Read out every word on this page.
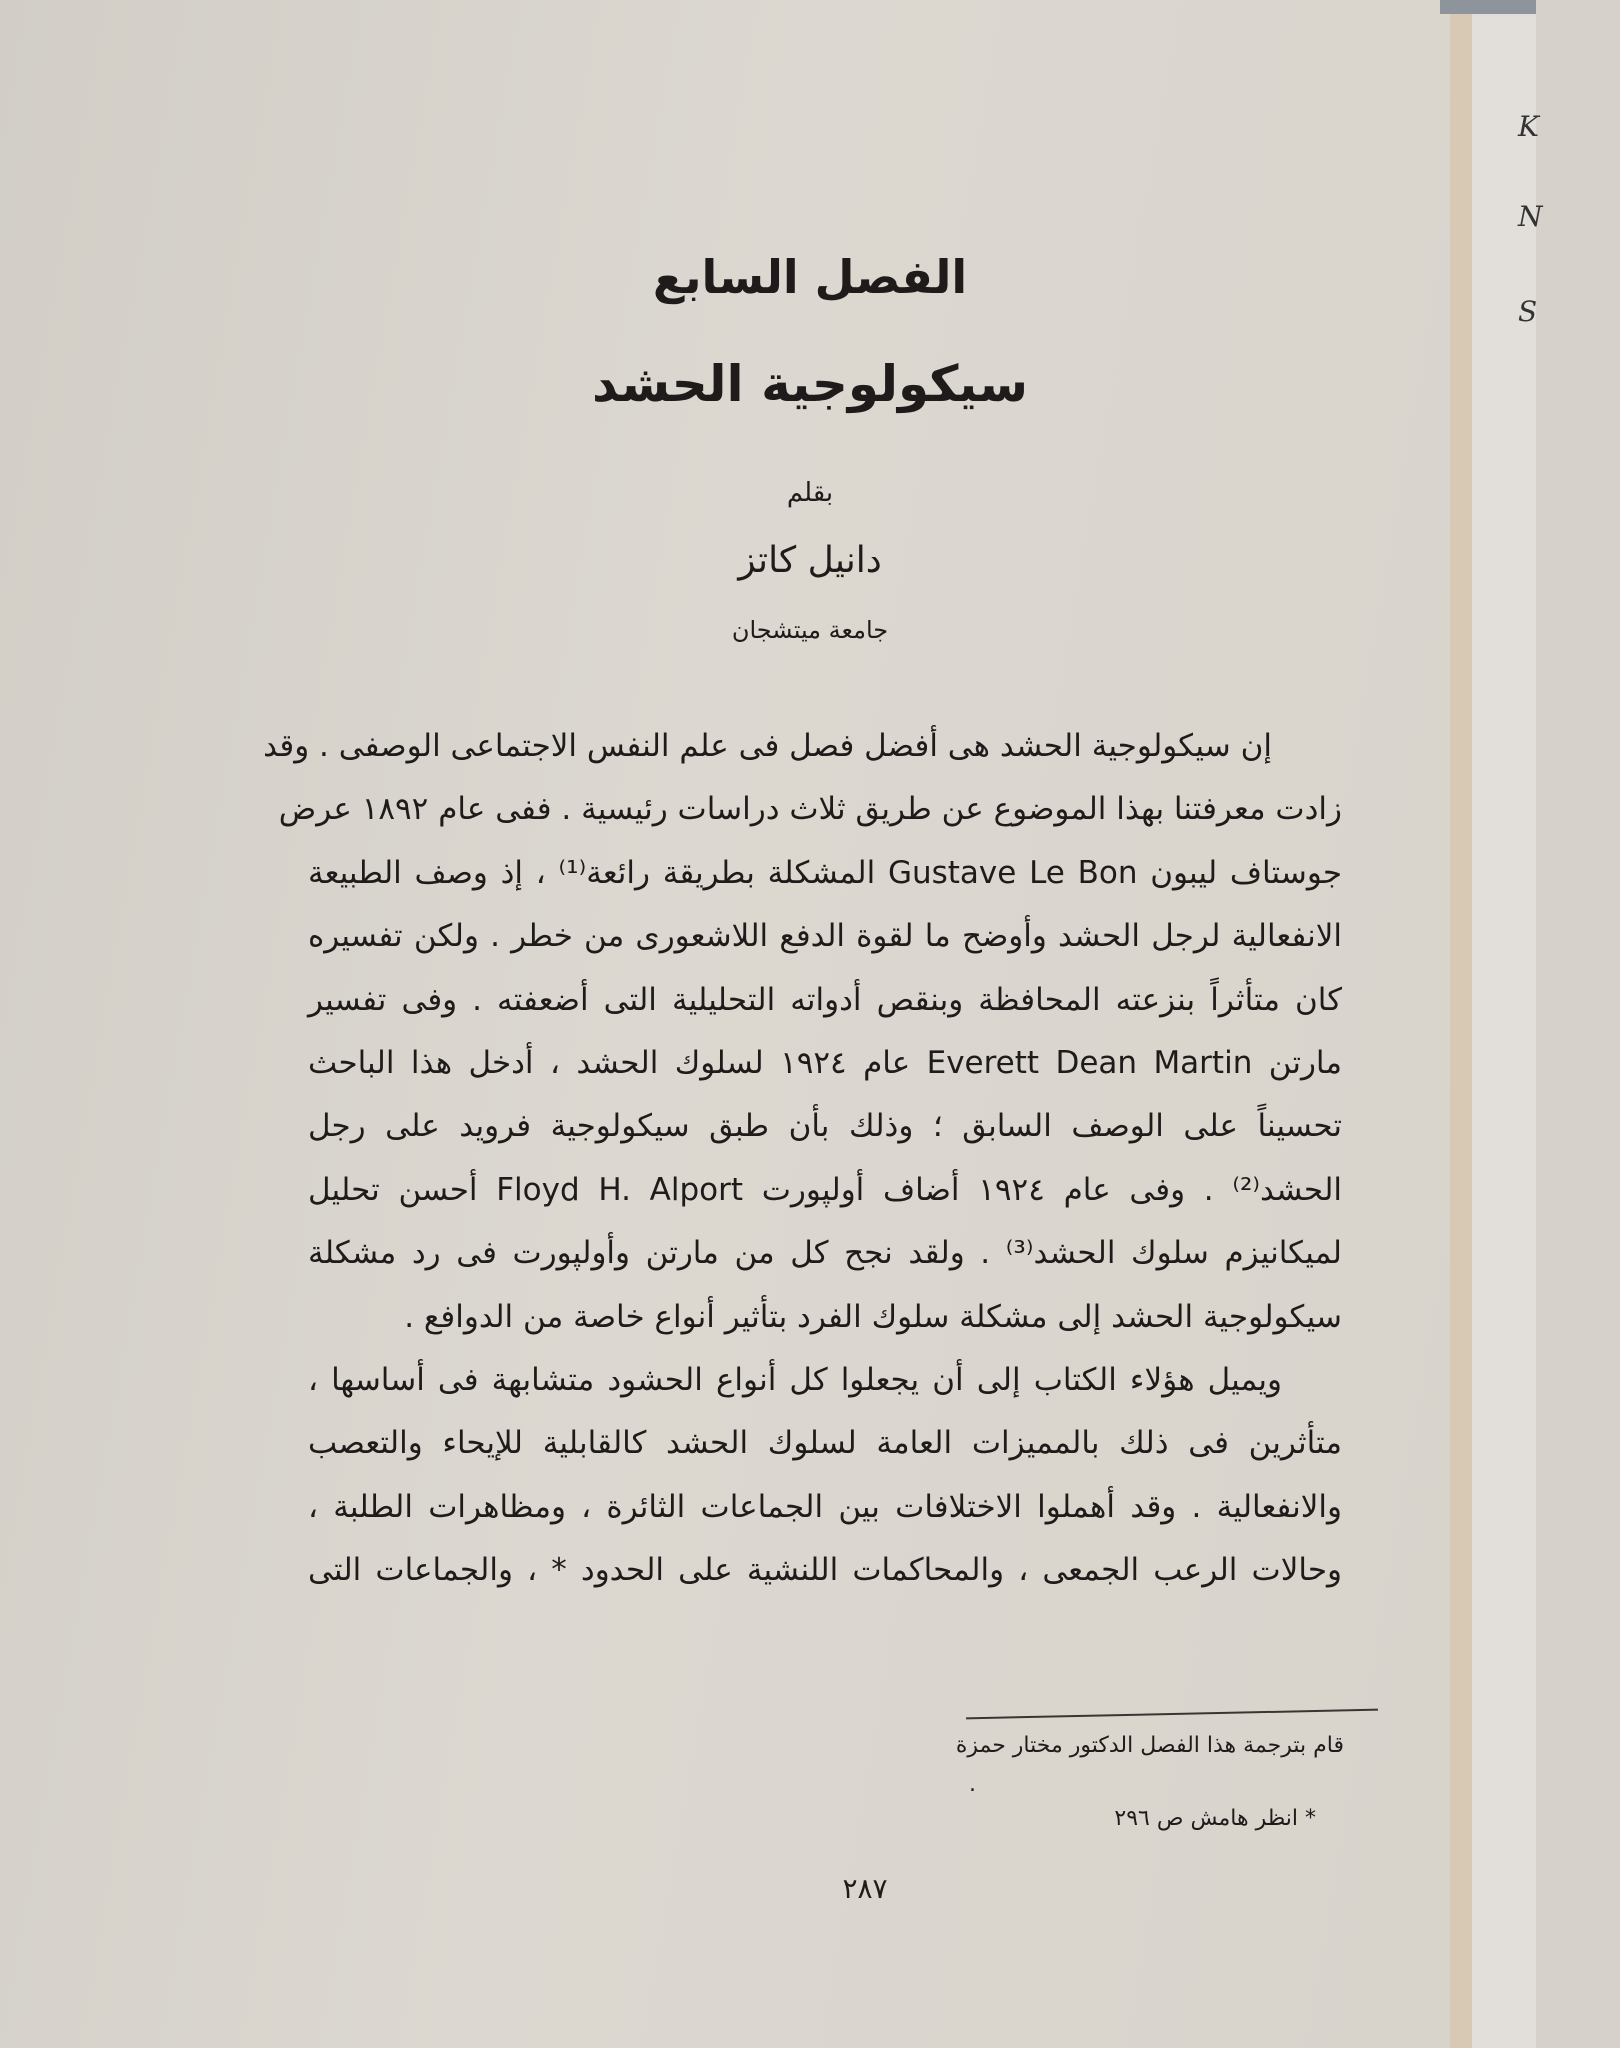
K
N
S
الفصل السابع
سيكولوجية الحشد
بقلم
دانيل كاتز
جامعة ميتشجان
إن سيكولوجية الحشد هى أفضل فصل فى علم النفس الاجتماعى الوصفى . وقد
زادت معرفتنا بهذا الموضوع عن طريق ثلاث دراسات رئيسية . ففى عام ١٨٩٢ عرض
جوستاف ليبون Gustave Le Bon المشكلة بطريقة رائعة⁽¹⁾ ، إذ وصف الطبيعة
الانفعالية لرجل الحشد وأوضح ما لقوة الدفع اللاشعورى من خطر . ولكن تفسيره
كان متأثراً بنزعته المحافظة وبنقص أدواته التحليلية التى أضعفته . وفى تفسير
مارتن Everett Dean Martin عام ١٩٢٤ لسلوك الحشد ، أدخل هذا الباحث
تحسيناً على الوصف السابق ؛ وذلك بأن طبق سيكولوجية فرويد على رجل
الحشد⁽²⁾ . وفى عام ١٩٢٤ أضاف أولپورت Floyd H. Alport أحسن تحليل
لميكانيزم سلوك الحشد⁽³⁾ . ولقد نجح كل من مارتن وأولپورت فى رد مشكلة
سيكولوجية الحشد إلى مشكلة سلوك الفرد بتأثير أنواع خاصة من الدوافع .
ويميل هؤلاء الكتاب إلى أن يجعلوا كل أنواع الحشود متشابهة فى أساسها ،
متأثرين فى ذلك بالمميزات العامة لسلوك الحشد كالقابلية للإيحاء والتعصب
والانفعالية . وقد أهملوا الاختلافات بين الجماعات الثائرة ، ومظاهرات الطلبة ،
وحالات الرعب الجمعى ، والمحاكمات اللنشية على الحدود * ، والجماعات التى
قام بترجمة هذا الفصل الدكتور مختار حمزة
.
* انظر هامش ص ٢٩٦
٢٨٧
